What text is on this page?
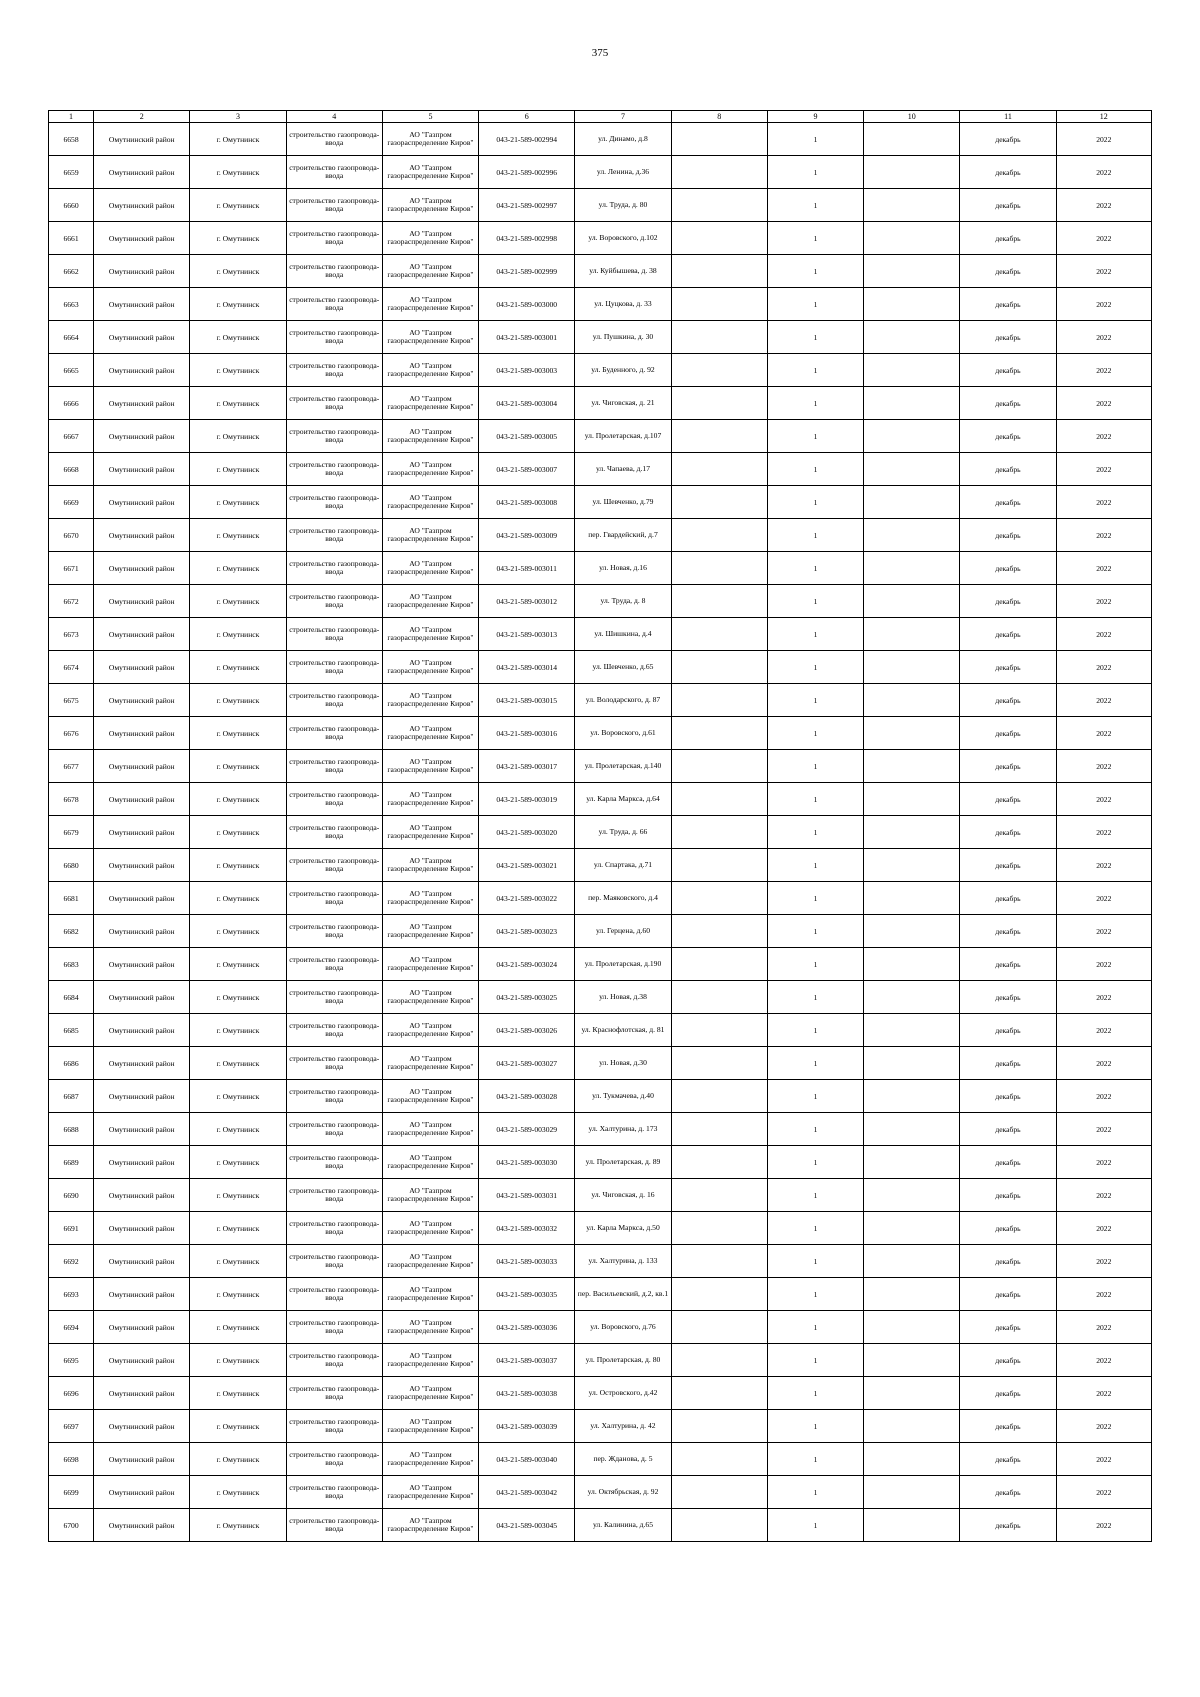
375
1	2	3	4	5	6	7	8	9	10	11	12
6658	Омутнинский район	г. Омутнинск	строительство газопровода-ввода	АО "Газпром газораспределение Киров"	043-21-589-002994	ул. Динамо, д.8		1		декабрь	2022
6659	Омутнинский район	г. Омутнинск	строительство газопровода-ввода	АО "Газпром газораспределение Киров"	043-21-589-002996	ул. Ленина, д.36		1		декабрь	2022
6660	Омутнинский район	г. Омутнинск	строительство газопровода-ввода	АО "Газпром газораспределение Киров"	043-21-589-002997	ул. Труда, д. 80		1		декабрь	2022
6661	Омутнинский район	г. Омутнинск	строительство газопровода-ввода	АО "Газпром газораспределение Киров"	043-21-589-002998	ул. Воровского, д.102		1		декабрь	2022
6662	Омутнинский район	г. Омутнинск	строительство газопровода-ввода	АО "Газпром газораспределение Киров"	043-21-589-002999	ул. Куйбышева, д. 38		1		декабрь	2022
6663	Омутнинский район	г. Омутнинск	строительство газопровода-ввода	АО "Газпром газораспределение Киров"	043-21-589-003000	ул. Цуцкова, д. 33		1		декабрь	2022
6664	Омутнинский район	г. Омутнинск	строительство газопровода-ввода	АО "Газпром газораспределение Киров"	043-21-589-003001	ул. Пушкина, д. 30		1		декабрь	2022
6665	Омутнинский район	г. Омутнинск	строительство газопровода-ввода	АО "Газпром газораспределение Киров"	043-21-589-003003	ул. Буденного, д. 92		1		декабрь	2022
6666	Омутнинский район	г. Омутнинск	строительство газопровода-ввода	АО "Газпром газораспределение Киров"	043-21-589-003004	ул. Чиговская, д. 21		1		декабрь	2022
6667	Омутнинский район	г. Омутнинск	строительство газопровода-ввода	АО "Газпром газораспределение Киров"	043-21-589-003005	ул. Пролетарская, д.107		1		декабрь	2022
6668	Омутнинский район	г. Омутнинск	строительство газопровода-ввода	АО "Газпром газораспределение Киров"	043-21-589-003007	ул. Чапаева, д.17		1		декабрь	2022
6669	Омутнинский район	г. Омутнинск	строительство газопровода-ввода	АО "Газпром газораспределение Киров"	043-21-589-003008	ул. Шевченко, д.79		1		декабрь	2022
6670	Омутнинский район	г. Омутнинск	строительство газопровода-ввода	АО "Газпром газораспределение Киров"	043-21-589-003009	пер. Гвардейский, д.7		1		декабрь	2022
6671	Омутнинский район	г. Омутнинск	строительство газопровода-ввода	АО "Газпром газораспределение Киров"	043-21-589-003011	ул. Новая, д.16		1		декабрь	2022
6672	Омутнинский район	г. Омутнинск	строительство газопровода-ввода	АО "Газпром газораспределение Киров"	043-21-589-003012	ул. Труда, д. 8		1		декабрь	2022
6673	Омутнинский район	г. Омутнинск	строительство газопровода-ввода	АО "Газпром газораспределение Киров"	043-21-589-003013	ул. Шишкина, д.4		1		декабрь	2022
6674	Омутнинский район	г. Омутнинск	строительство газопровода-ввода	АО "Газпром газораспределение Киров"	043-21-589-003014	ул. Шевченко, д.65		1		декабрь	2022
6675	Омутнинский район	г. Омутнинск	строительство газопровода-ввода	АО "Газпром газораспределение Киров"	043-21-589-003015	ул. Володарского, д. 87		1		декабрь	2022
6676	Омутнинский район	г. Омутнинск	строительство газопровода-ввода	АО "Газпром газораспределение Киров"	043-21-589-003016	ул. Воровского, д.61		1		декабрь	2022
6677	Омутнинский район	г. Омутнинск	строительство газопровода-ввода	АО "Газпром газораспределение Киров"	043-21-589-003017	ул. Пролетарская, д.140		1		декабрь	2022
6678	Омутнинский район	г. Омутнинск	строительство газопровода-ввода	АО "Газпром газораспределение Киров"	043-21-589-003019	ул. Карла Маркса, д.64		1		декабрь	2022
6679	Омутнинский район	г. Омутнинск	строительство газопровода-ввода	АО "Газпром газораспределение Киров"	043-21-589-003020	ул. Труда, д. 66		1		декабрь	2022
6680	Омутнинский район	г. Омутнинск	строительство газопровода-ввода	АО "Газпром газораспределение Киров"	043-21-589-003021	ул. Спартака, д.71		1		декабрь	2022
6681	Омутнинский район	г. Омутнинск	строительство газопровода-ввода	АО "Газпром газораспределение Киров"	043-21-589-003022	пер. Маяковского, д.4		1		декабрь	2022
6682	Омутнинский район	г. Омутнинск	строительство газопровода-ввода	АО "Газпром газораспределение Киров"	043-21-589-003023	ул. Герцена, д.60		1		декабрь	2022
6683	Омутнинский район	г. Омутнинск	строительство газопровода-ввода	АО "Газпром газораспределение Киров"	043-21-589-003024	ул. Пролетарская, д.190		1		декабрь	2022
6684	Омутнинский район	г. Омутнинск	строительство газопровода-ввода	АО "Газпром газораспределение Киров"	043-21-589-003025	ул. Новая, д.38		1		декабрь	2022
6685	Омутнинский район	г. Омутнинск	строительство газопровода-ввода	АО "Газпром газораспределение Киров"	043-21-589-003026	ул. Краснофлотская, д. 81		1		декабрь	2022
6686	Омутнинский район	г. Омутнинск	строительство газопровода-ввода	АО "Газпром газораспределение Киров"	043-21-589-003027	ул. Новая, д.30		1		декабрь	2022
6687	Омутнинский район	г. Омутнинск	строительство газопровода-ввода	АО "Газпром газораспределение Киров"	043-21-589-003028	ул. Тукмачева, д.40		1		декабрь	2022
6688	Омутнинский район	г. Омутнинск	строительство газопровода-ввода	АО "Газпром газораспределение Киров"	043-21-589-003029	ул. Халтурина, д. 173		1		декабрь	2022
6689	Омутнинский район	г. Омутнинск	строительство газопровода-ввода	АО "Газпром газораспределение Киров"	043-21-589-003030	ул. Пролетарская, д. 89		1		декабрь	2022
6690	Омутнинский район	г. Омутнинск	строительство газопровода-ввода	АО "Газпром газораспределение Киров"	043-21-589-003031	ул. Чиговская, д. 16		1		декабрь	2022
6691	Омутнинский район	г. Омутнинск	строительство газопровода-ввода	АО "Газпром газораспределение Киров"	043-21-589-003032	ул. Карла Маркса, д.50		1		декабрь	2022
6692	Омутнинский район	г. Омутнинск	строительство газопровода-ввода	АО "Газпром газораспределение Киров"	043-21-589-003033	ул. Халтурина, д. 133		1		декабрь	2022
6693	Омутнинский район	г. Омутнинск	строительство газопровода-ввода	АО "Газпром газораспределение Киров"	043-21-589-003035	пер. Васильевский, д.2, кв.1		1		декабрь	2022
6694	Омутнинский район	г. Омутнинск	строительство газопровода-ввода	АО "Газпром газораспределение Киров"	043-21-589-003036	ул. Воровского, д.76		1		декабрь	2022
6695	Омутнинский район	г. Омутнинск	строительство газопровода-ввода	АО "Газпром газораспределение Киров"	043-21-589-003037	ул. Пролетарская, д. 80		1		декабрь	2022
6696	Омутнинский район	г. Омутнинск	строительство газопровода-ввода	АО "Газпром газораспределение Киров"	043-21-589-003038	ул. Островского, д.42		1		декабрь	2022
6697	Омутнинский район	г. Омутнинск	строительство газопровода-ввода	АО "Газпром газораспределение Киров"	043-21-589-003039	ул. Халтурина, д. 42		1		декабрь	2022
6698	Омутнинский район	г. Омутнинск	строительство газопровода-ввода	АО "Газпром газораспределение Киров"	043-21-589-003040	пер. Жданова, д. 5		1		декабрь	2022
6699	Омутнинский район	г. Омутнинск	строительство газопровода-ввода	АО "Газпром газораспределение Киров"	043-21-589-003042	ул. Октябрьская, д. 92		1		декабрь	2022
6700	Омутнинский район	г. Омутнинск	строительство газопровода-ввода	АО "Газпром газораспределение Киров"	043-21-589-003045	ул. Калинина, д.65		1		декабрь	2022
